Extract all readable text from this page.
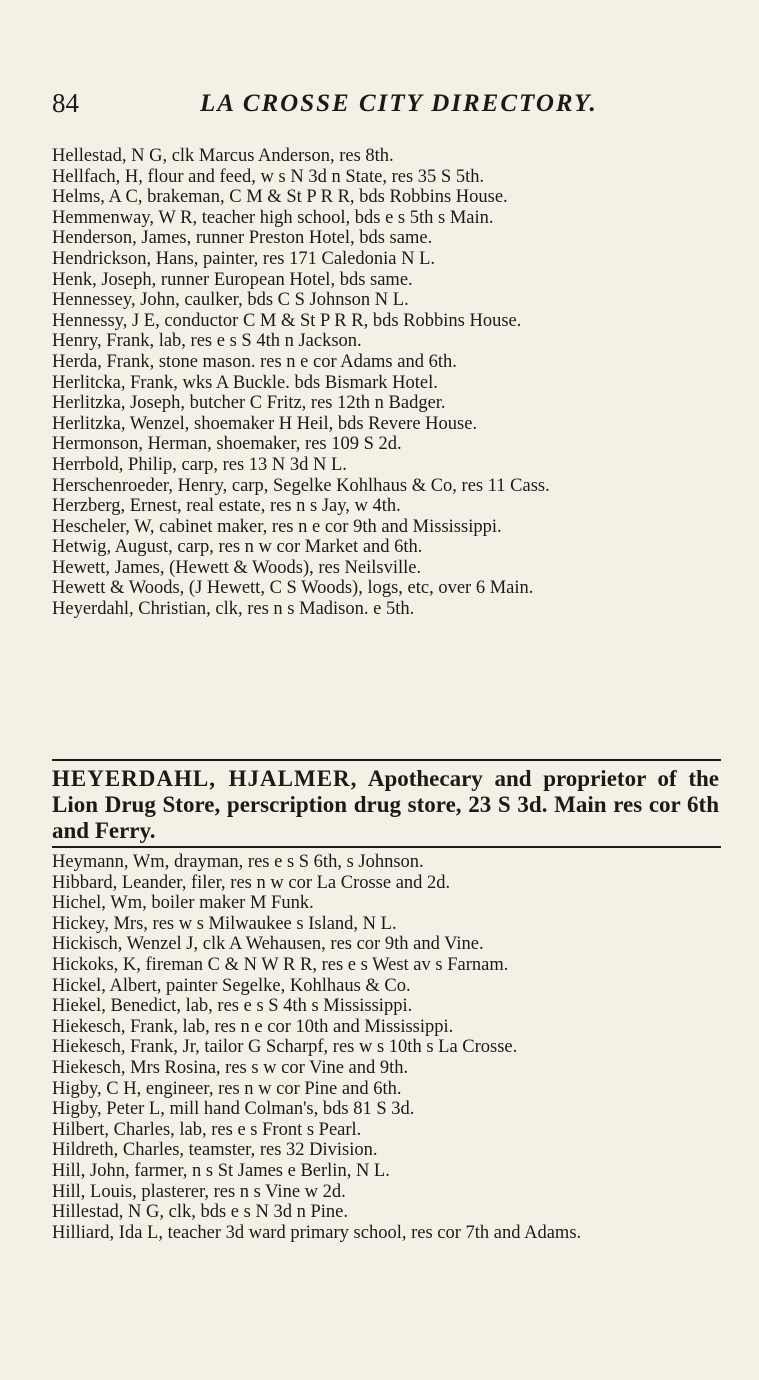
84	LA CROSSE CITY DIRECTORY.
Hellestad, N G, clk Marcus Anderson, res 8th.
Hellfach, H, flour and feed, w s N 3d n State, res 35 S 5th.
Helms, A C, brakeman, C M & St P R R, bds Robbins House.
Hemmenway, W R, teacher high school, bds e s 5th s Main.
Henderson, James, runner Preston Hotel, bds same.
Hendrickson, Hans, painter, res 171 Caledonia N L.
Henk, Joseph, runner European Hotel, bds same.
Hennessey, John, caulker, bds C S Johnson N L.
Hennessy, J E, conductor C M & St P R R, bds Robbins House.
Henry, Frank, lab, res e s S 4th n Jackson.
Herda, Frank, stone mason. res n e cor Adams and 6th.
Herlitcka, Frank, wks A Buckle. bds Bismark Hotel.
Herlitzka, Joseph, butcher C Fritz, res 12th n Badger.
Herlitzka, Wenzel, shoemaker H Heil, bds Revere House.
Hermonson, Herman, shoemaker, res 109 S 2d.
Herrbold, Philip, carp, res 13 N 3d N L.
Herschenroeder, Henry, carp, Segelke Kohlhaus & Co, res 11 Cass.
Herzberg, Ernest, real estate, res n s Jay, w 4th.
Hescheler, W, cabinet maker, res n e cor 9th and Mississippi.
Hetwig, August, carp, res n w cor Market and 6th.
Hewett, James, (Hewett & Woods), res Neilsville.
Hewett & Woods, (J Hewett, C S Woods), logs, etc, over 6 Main.
Heyerdahl, Christian, clk, res n s Madison. e 5th.
HEYERDAHL, HJALMER, Apothecary and proprietor of the Lion Drug Store, perscription drug store, 23 S 3d. Main res cor 6th and Ferry.
Heymann, Wm, drayman, res e s S 6th, s Johnson.
Hibbard, Leander, filer, res n w cor La Crosse and 2d.
Hichel, Wm, boiler maker M Funk.
Hickey, Mrs, res w s Milwaukee s Island, N L.
Hickisch, Wenzel J, clk A Wehausen, res cor 9th and Vine.
Hickoks, K, fireman C & N W R R, res e s West av s Farnam.
Hickel, Albert, painter Segelke, Kohlhaus & Co.
Hiekel, Benedict, lab, res e s S 4th s Mississippi.
Hiekesch, Frank, lab, res n e cor 10th and Mississippi.
Hiekesch, Frank, Jr, tailor G Scharpf, res w s 10th s La Crosse.
Hiekesch, Mrs Rosina, res s w cor Vine and 9th.
Higby, C H, engineer, res n w cor Pine and 6th.
Higby, Peter L, mill hand Colman's, bds 81 S 3d.
Hilbert, Charles, lab, res e s Front s Pearl.
Hildreth, Charles, teamster, res 32 Division.
Hill, John, farmer, n s St James e Berlin, N L.
Hill, Louis, plasterer, res n s Vine w 2d.
Hillestad, N G, clk, bds e s N 3d n Pine.
Hilliard, Ida L, teacher 3d ward primary school, res cor 7th and Adams.
